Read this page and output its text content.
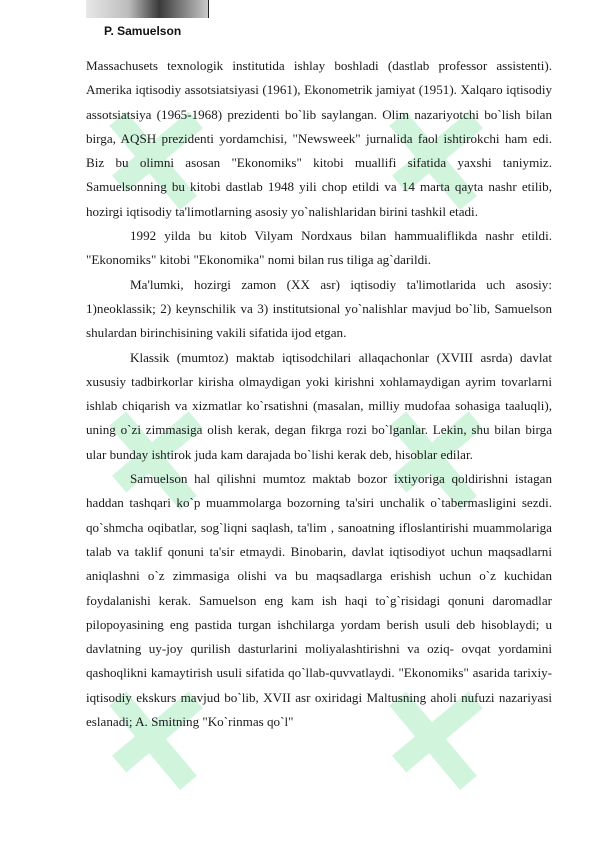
P. Samuelson

Massachusets texnologik institutida ishlay boshladi (dastlab professor assistenti). Amerika iqtisodiy assotsiatsiyasi (1961), Ekonometrik jamiyat (1951). Xalqaro iqtisodiy assotsiatsiya (1965-1968) prezidenti bo`lib saylangan. Olim nazariyotchi bo`lish bilan birga, AQSH prezidenti yordamchisi, "Newsweek" jurnalida faol ishtirokchi ham edi. Biz bu olimni asosan "Ekonomiks" kitobi muallifi sifatida yaxshi taniymiz. Samuelsonning bu kitobi dastlab 1948 yili chop etildi va 14 marta qayta nashr etilib, hozirgi iqtisodiy ta'limotlarning asosiy yo`nalishlaridan birini tashkil etadi.

1992 yilda bu kitob Vilyam Nordxaus bilan hammualiflikda nashr etildi. "Ekonomiks" kitobi "Ekonomika" nomi bilan rus tiliga ag`darildi.

Ma'lumki, hozirgi zamon (XX asr) iqtisodiy ta'limotlarida uch asosiy: 1)neoklassik; 2) keynschilik va 3) institutsional yo`nalishlar mavjud bo`lib, Samuelson shulardan birinchisining vakili sifatida ijod etgan.

Klassik (mumtoz) maktab iqtisodchilari allaqachonlar (XVIII asrda) davlat xususiy tadbirkorlar kirisha olmaydigan yoki kirishni xohlamaydigan ayrim tovarlarni ishlab chiqarish va xizmatlar ko`rsatishni (masalan, milliy mudofaa sohasiga taaluqli), uning o`zi zimmasiga olish kerak, degan fikrga rozi bo`lganlar. Lekin, shu bilan birga ular bunday ishtirok juda kam darajada bo`lishi kerak deb, hisoblar edilar.

Samuelson hal qilishni mumtoz maktab bozor ixtiyoriga qoldirishni istagan haddan tashqari ko`p muammolarga bozorning ta'siri unchalik o`tabermasligini sezdi. qo`shmcha oqibatlar, sog`liqni saqlash, ta'lim , sanoatning ifloslantirishi muammolariga talab va taklif qonuni ta'sir etmaydi. Binobarin, davlat iqtisodiyot uchun maqsadlarni aniqlashni o`z zimmasiga olishi va bu maqsadlarga erishish uchun o`z kuchidan foydalanishi kerak. Samuelson eng kam ish haqi to`g`risidagi qonuni daromadlar pilopoyasining eng pastida turgan ishchilarga yordam berish usuli deb hisoblaydi; u davlatning uy-joy qurilish dasturlarini moliyalashtirishni va oziq- ovqat yordamini qashoqlikni kamaytirish usuli sifatida qo`llab-quvvatlaydi. "Ekonomiks" asarida tarixiy-iqtisodiy ekskurs mavjud bo`lib, XVII asr oxiridagi Maltusning aholi nufuzi nazariyasi eslanadi; A. Smitning "Ko`rinmas qo`l"
